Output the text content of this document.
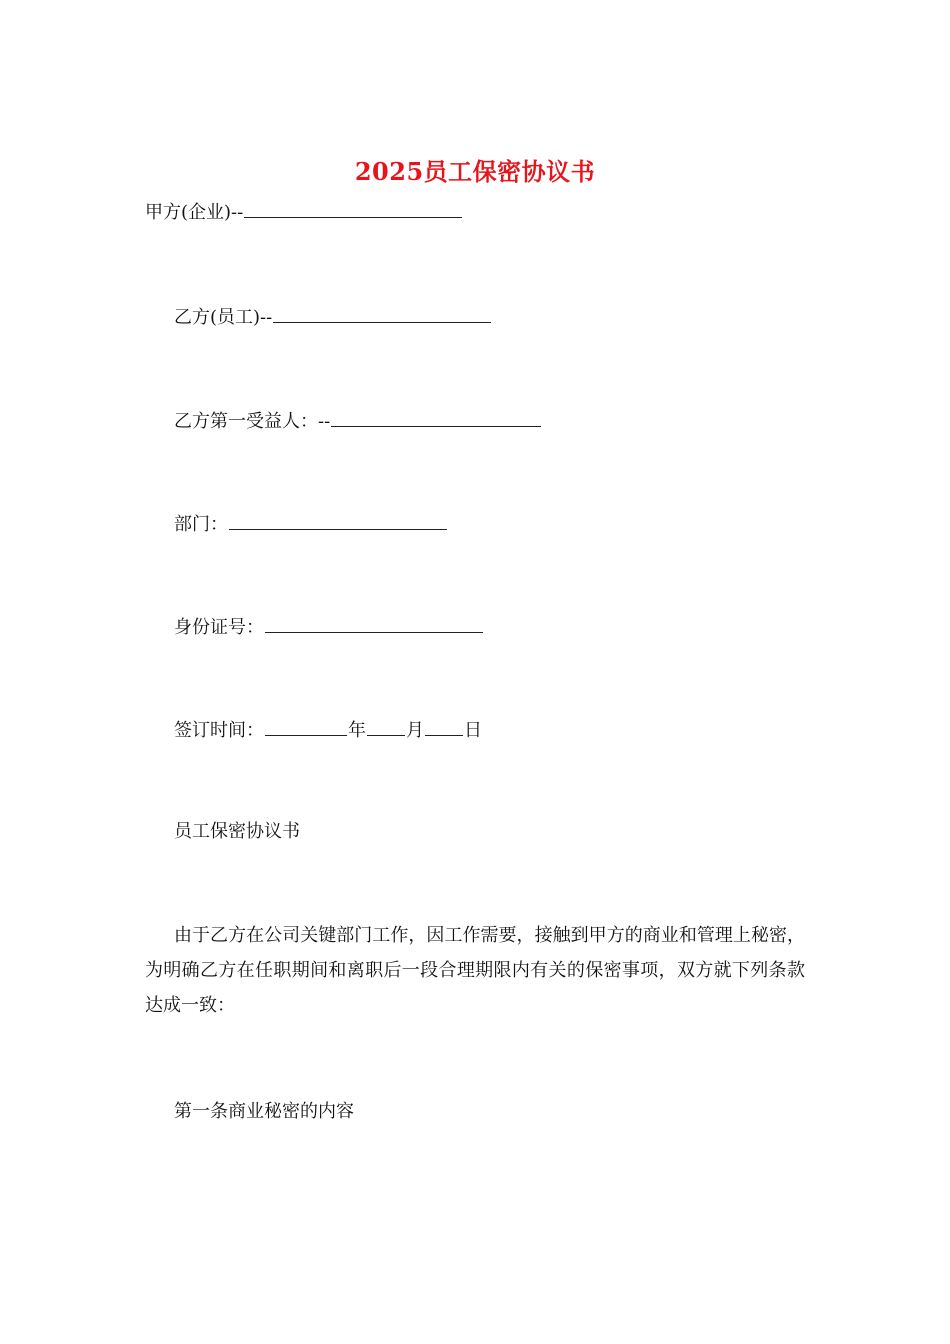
2025员工保密协议书
甲方(企业)--
乙方(员工)--
乙方第一受益人：--
部门：
身份证号：
签订时间：	年 月 日
员工保密协议书
由于乙方在公司关键部门工作，因工作需要，接触到甲方的商业和管理上秘密，为明确乙方在任职期间和离职后一段合理期限内有关的保密事项，双方就下列条款达成一致：
第一条商业秘密的内容
